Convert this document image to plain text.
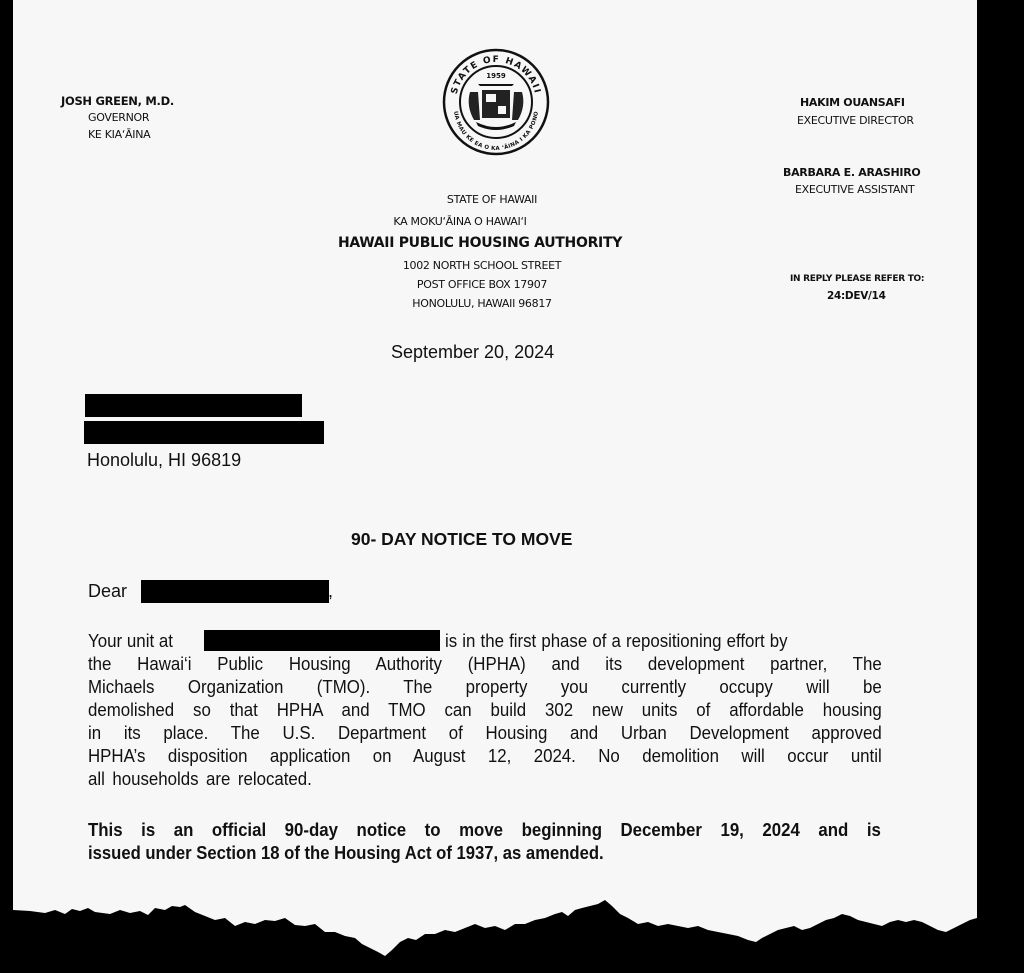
JOSH GREEN, M.D.
GOVERNOR
KE KIA‘ĀINA
STATE OF HAWAII
UA MAU KE EA O KA ʻĀINA I KA PONO
1959
STATE OF HAWAII
KA MOKU‘ĀINA O HAWAI‘I
HAWAII PUBLIC HOUSING AUTHORITY
1002 NORTH SCHOOL STREET
POST OFFICE BOX 17907
HONOLULU, HAWAII 96817
HAKIM OUANSAFI
EXECUTIVE DIRECTOR
BARBARA E. ARASHIRO
EXECUTIVE ASSISTANT
IN REPLY PLEASE REFER TO:
24:DEV/14
September 20, 2024
Honolulu, HI 96819
90- DAY NOTICE TO MOVE
Dear	,
Your unit at	is in the first phase of a repositioning effort by
the Hawai‘i Public Housing Authority (HPHA) and its development partner, The
Michaels Organization (TMO). The property you currently occupy will be
demolished so that HPHA and TMO can build 302 new units of affordable housing
in its place. The U.S. Department of Housing and Urban Development approved
HPHA’s disposition application on August 12, 2024. No demolition will occur until
all households are relocated.
This is an official 90-day notice to move beginning December 19, 2024 and is
issued under Section 18 of the Housing Act of 1937, as amended.
